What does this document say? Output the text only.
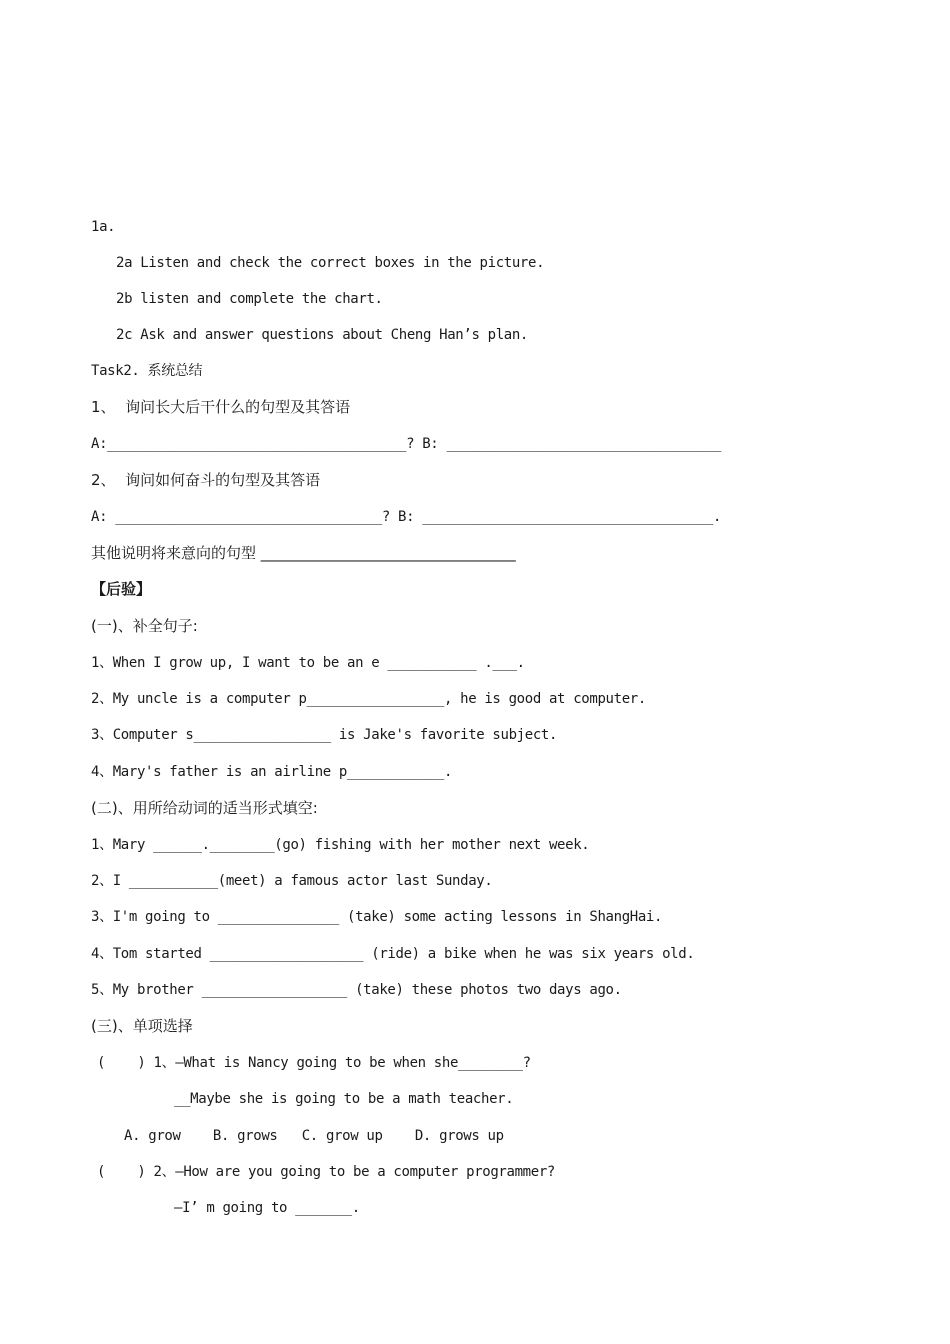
1a.
2a Listen and check the correct boxes in the picture.
2b listen and complete the chart.
2c Ask and answer questions about Cheng Han’s plan.
Task2. 系统总结
1、  询问长大后干什么的句型及其答语
A:_____________________________________? B: __________________________________
2、  询问如何奋斗的句型及其答语
A: _________________________________? B: ____________________________________.
其他说明将来意向的句型 __________________________________
【后验】
(一)、补全句子:
1、When I grow up, I want to be an e ___________ .___.
2、My uncle is a computer p_________________, he is good at computer.
3、Computer s_________________ is Jake's favorite subject.
4、Mary's father is an airline p____________.
(二)、用所给动词的适当形式填空:
1、Mary ______.________(go) fishing with her mother next week.
2、I ___________(meet) a famous actor last Sunday.
3、I'm going to _______________ (take) some acting lessons in ShangHai.
4、Tom started ___________________ (ride) a bike when he was six years old.
5、My brother __________________ (take) these photos two days ago.
(三)、单项选择
(    ) 1、—What is Nancy going to be when she________?
__Maybe she is going to be a math teacher.
A. grow    B. grows   C. grow up    D. grows up
(    ) 2、—How are you going to be a computer programmer?
—I’ m going to _______.
